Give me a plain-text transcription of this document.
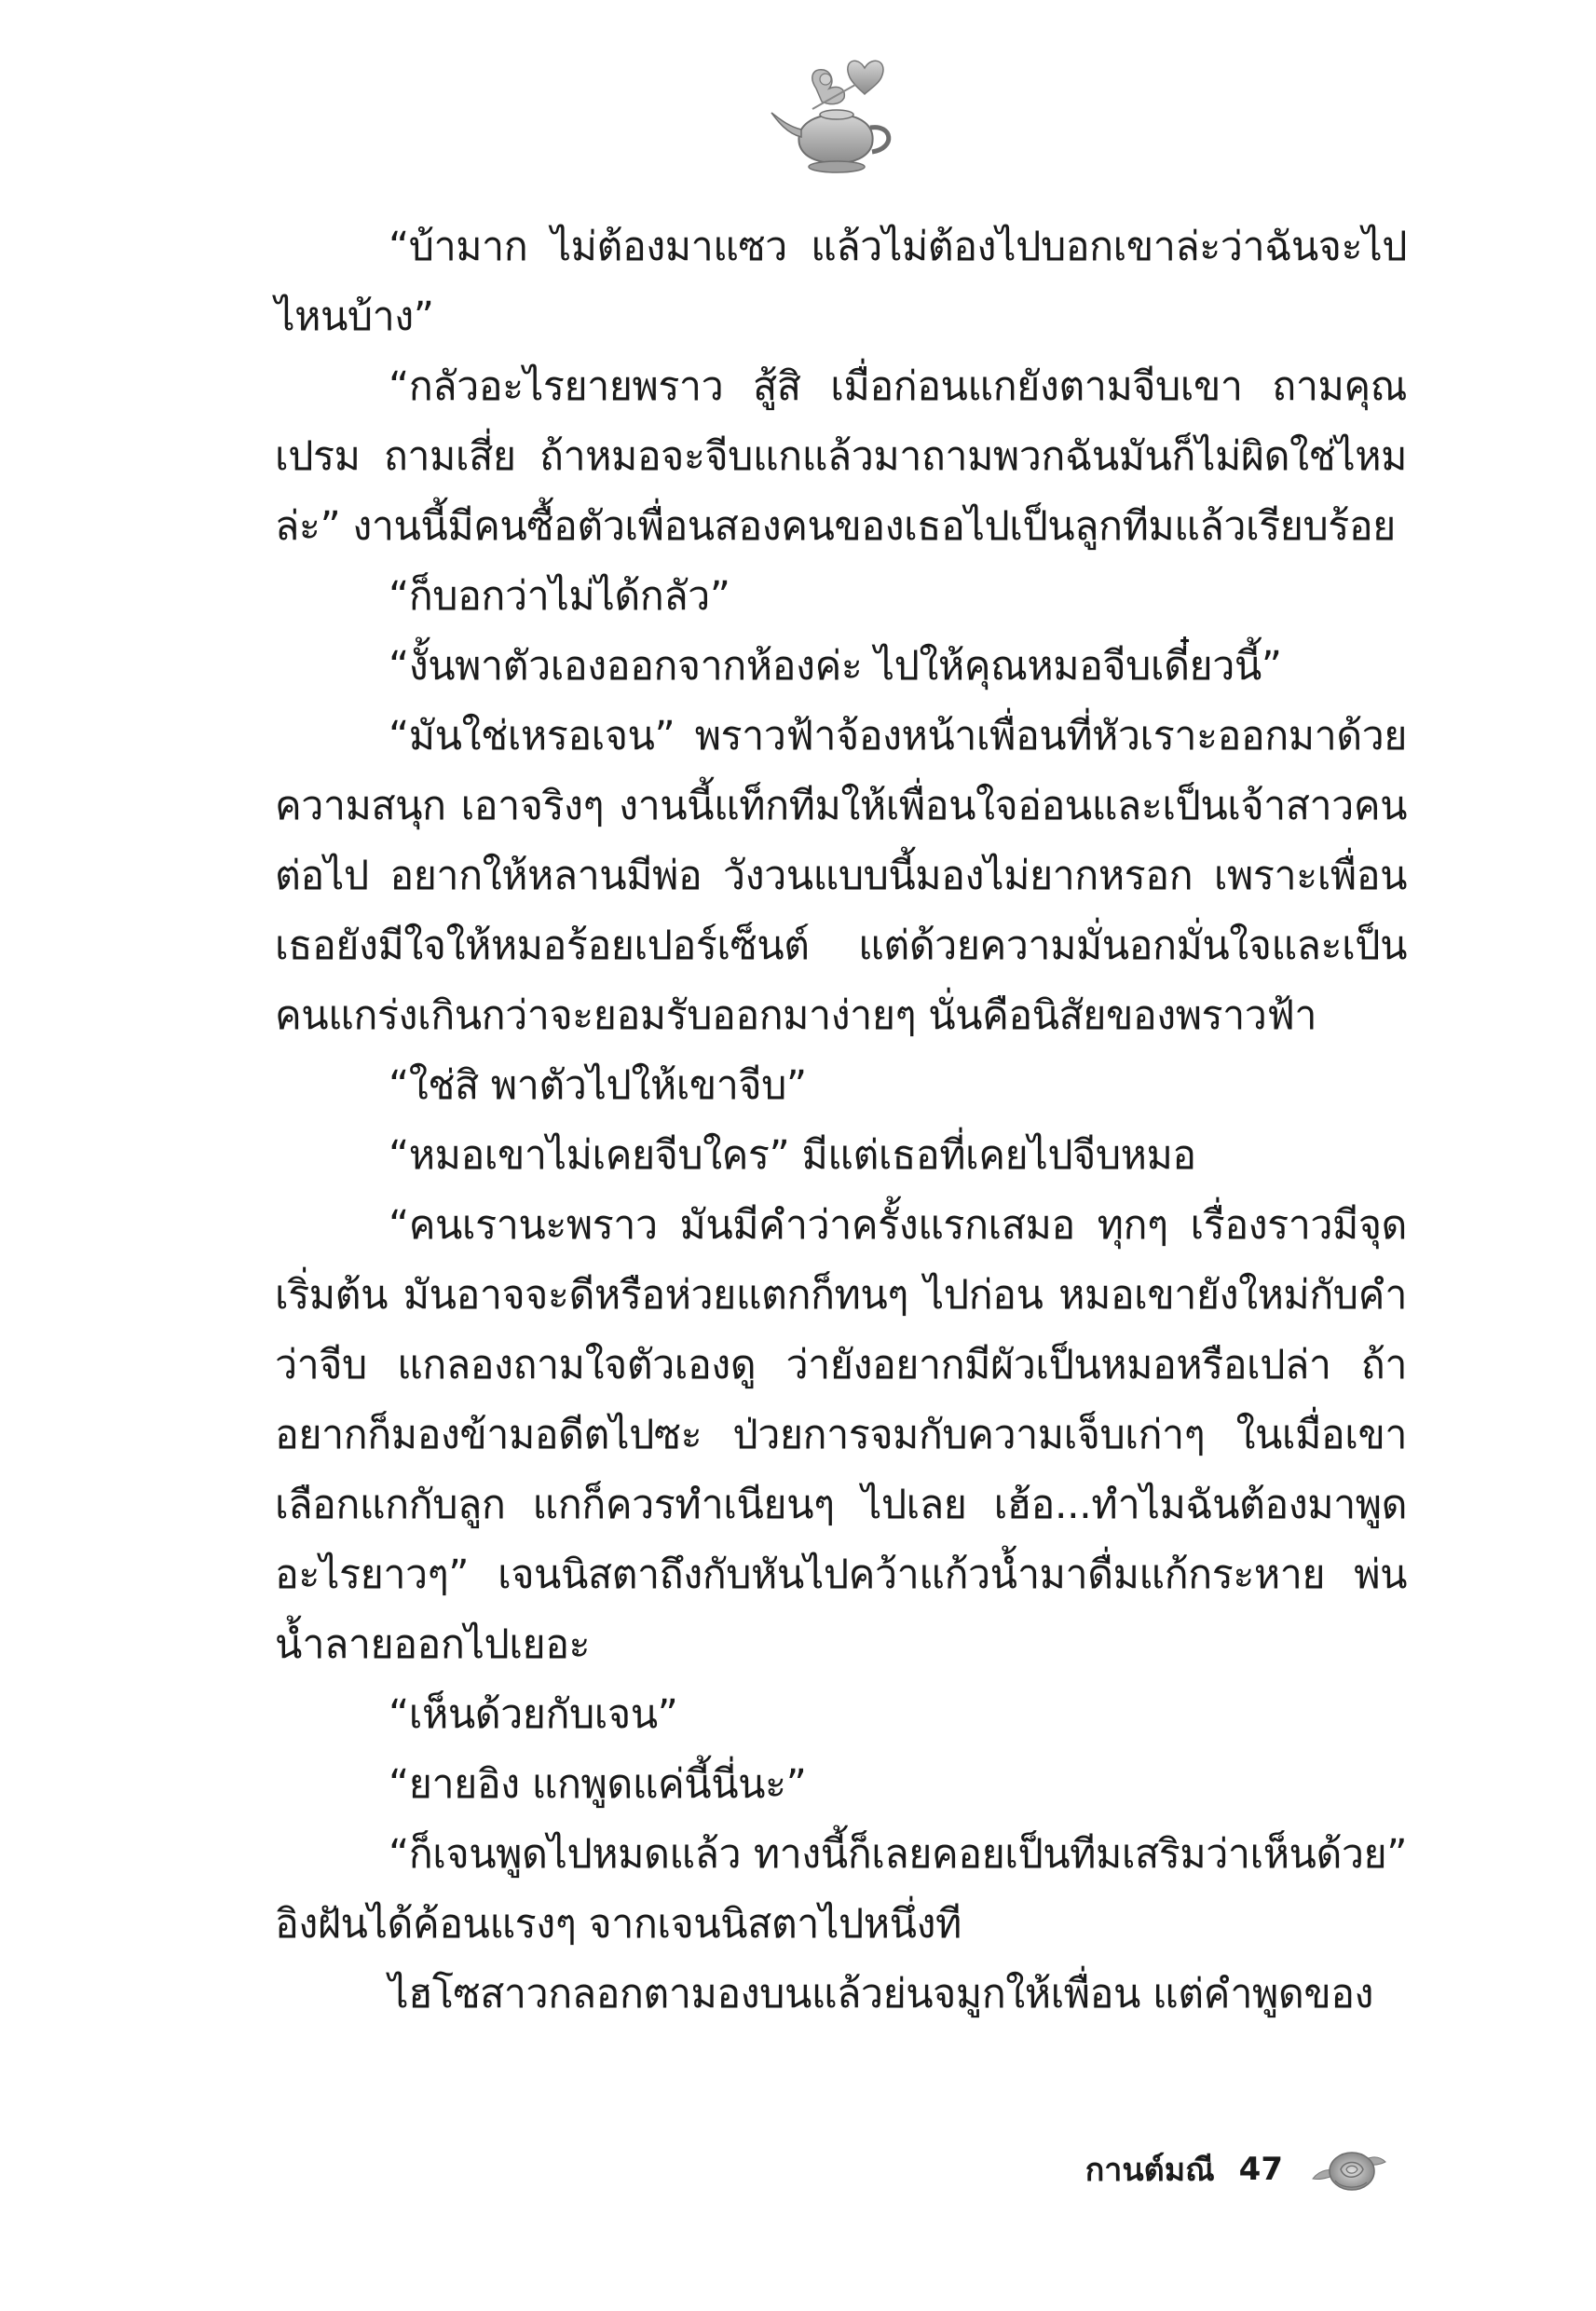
“บ้ามาก ไม่ต้องมาแซว แล้วไม่ต้องไปบอกเขาล่ะว่าฉันจะไปไหนบ้าง”

“กลัวอะไรยายพราว สู้สิ เมื่อก่อนแกยังตามจีบเขา ถามคุณเปรม ถามเสี่ย ถ้าหมอจะจีบแกแล้วมาถามพวกฉันมันก็ไม่ผิดใช่ไหมล่ะ” งานนี้มีคนซื้อตัวเพื่อนสองคนของเธอไปเป็นลูกทีมแล้วเรียบร้อย

“ก็บอกว่าไม่ได้กลัว”

“งั้นพาตัวเองออกจากห้องค่ะ ไปให้คุณหมอจีบเดี๋ยวนี้”

“มันใช่เหรอเจน” พราวฟ้าจ้องหน้าเพื่อนที่หัวเราะออกมาด้วยความสนุก เอาจริงๆ งานนี้แท็กทีมให้เพื่อนใจอ่อนและเป็นเจ้าสาวคนต่อไป อยากให้หลานมีพ่อ วังวนแบบนี้มองไม่ยากหรอก เพราะเพื่อนเธอยังมีใจให้หมอร้อยเปอร์เซ็นต์ แต่ด้วยความมั่นอกมั่นใจและเป็นคนแกร่งเกินกว่าจะยอมรับออกมาง่ายๆ นั่นคือนิสัยของพราวฟ้า

“ใช่สิ พาตัวไปให้เขาจีบ”

“หมอเขาไม่เคยจีบใคร” มีแต่เธอที่เคยไปจีบหมอ

“คนเรานะพราว มันมีคำว่าครั้งแรกเสมอ ทุกๆ เรื่องราวมีจุดเริ่มต้น มันอาจจะดีหรือห่วยแตกก็ทนๆ ไปก่อน หมอเขายังใหม่กับคำว่าจีบ แกลองถามใจตัวเองดู ว่ายังอยากมีผัวเป็นหมอหรือเปล่า ถ้าอยากก็มองข้ามอดีตไปซะ ป่วยการจมกับความเจ็บเก่าๆ ในเมื่อเขาเลือกแกกับลูก แกก็ควรทำเนียนๆ ไปเลย เฮ้อ...ทำไมฉันต้องมาพูดอะไรยาวๆ” เจนนิสตาถึงกับหันไปคว้าแก้วน้ำมาดื่มแก้กระหาย พ่นน้ำลายออกไปเยอะ

“เห็นด้วยกับเจน”

“ยายอิง แกพูดแค่นี้นี่นะ”

“ก็เจนพูดไปหมดแล้ว ทางนี้ก็เลยคอยเป็นทีมเสริมว่าเห็นด้วย” อิงฝันได้ค้อนแรงๆ จากเจนนิสตาไปหนึ่งที

ไฮโซสาวกลอกตามองบนแล้วย่นจมูกให้เพื่อน แต่คำพูดของ

กานต์มณี 47
